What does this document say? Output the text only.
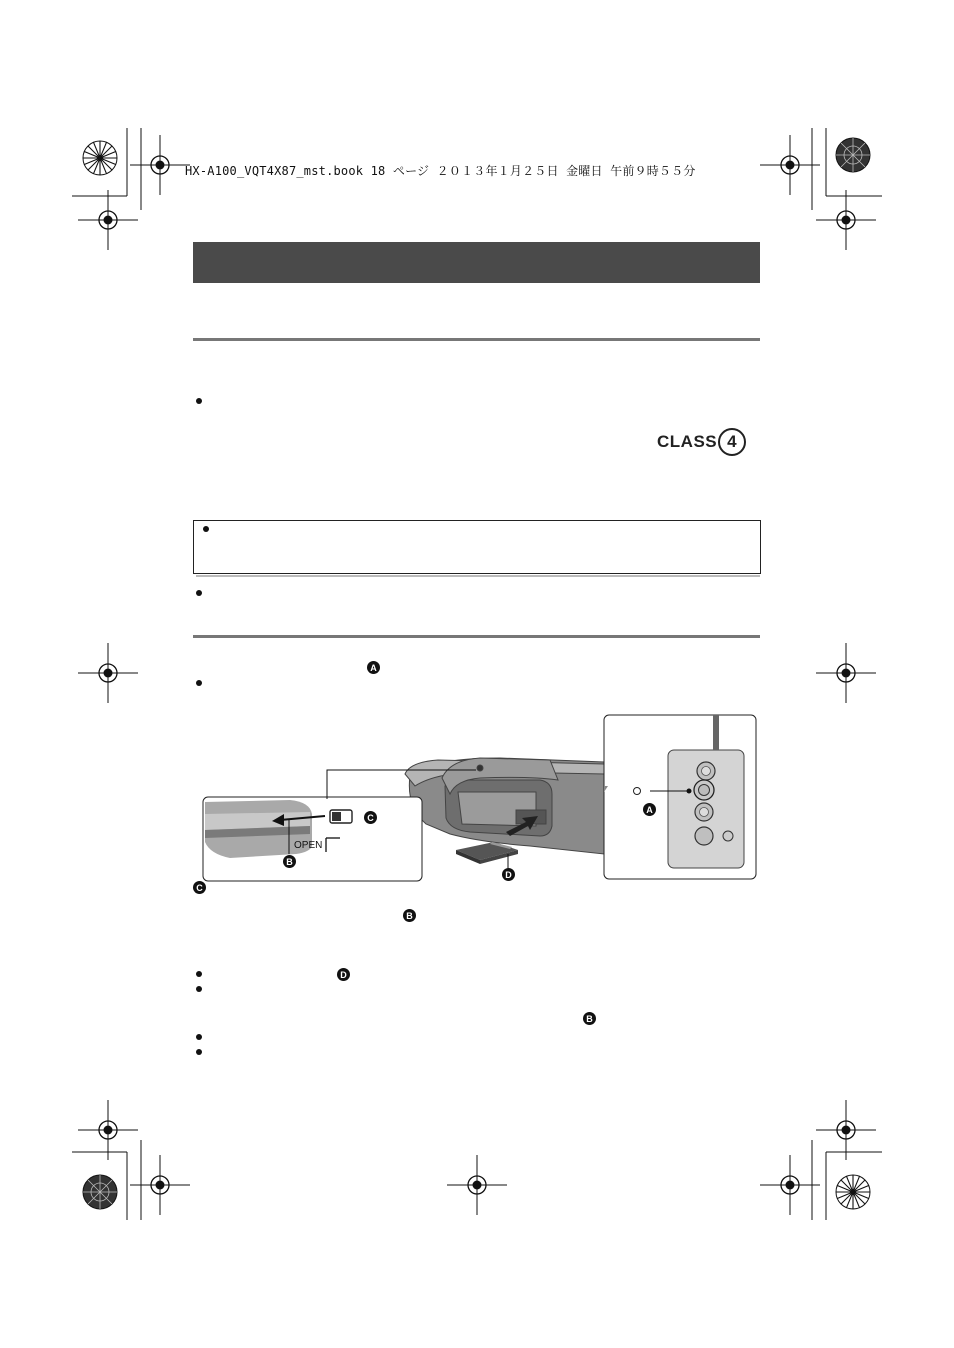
HX-A100_VQT4X87_mst.book 18 ページ ２０１３年１月２５日 金曜日 午前９時５５分
CLASS 4
A
OPEN
A
C
B
D
C
B
D
B
